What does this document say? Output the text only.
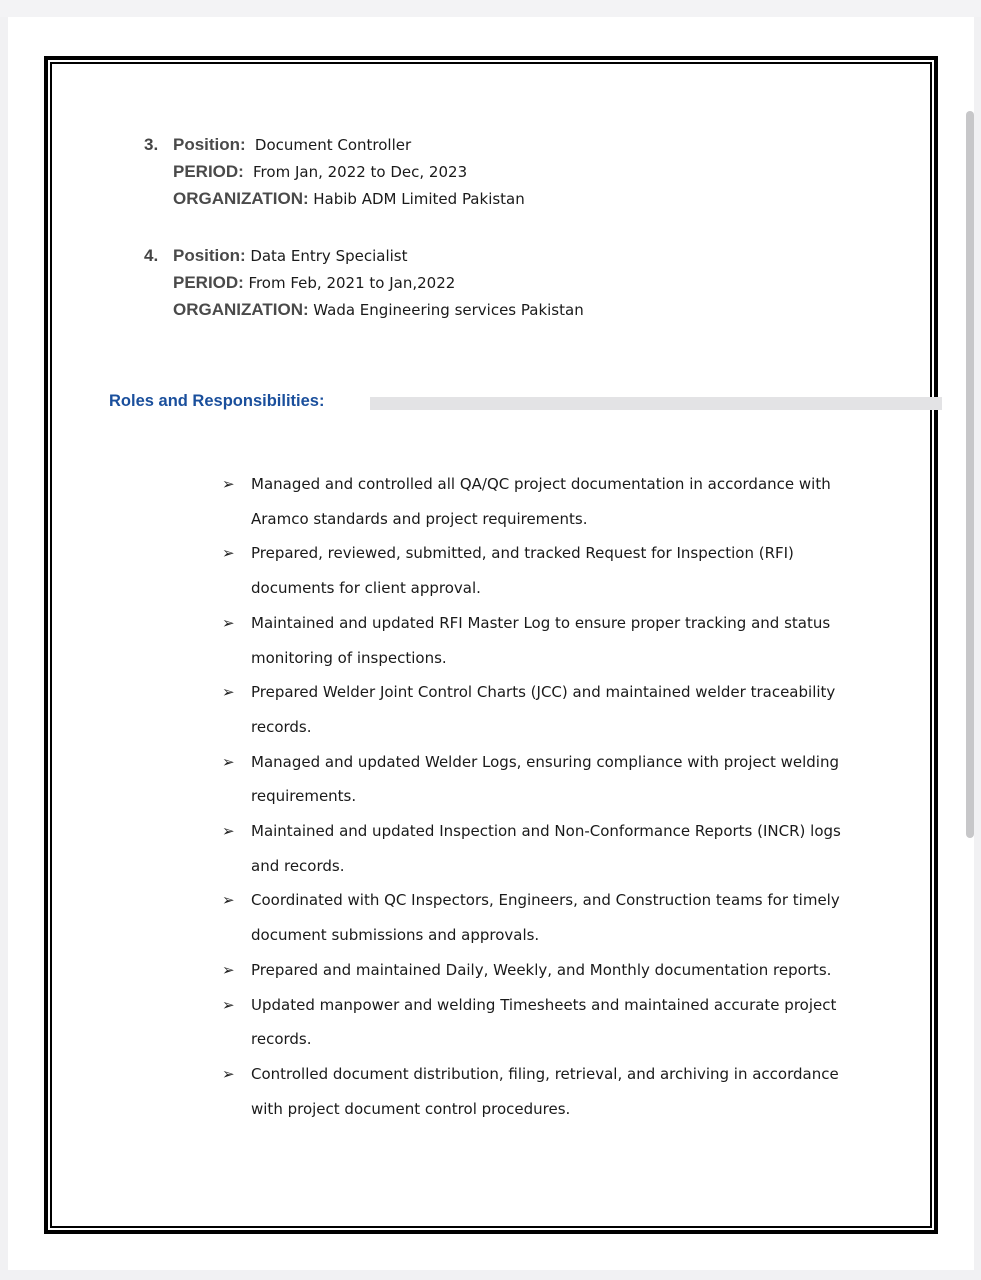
3. Position: Document Controller
PERIOD: From Jan, 2022 to Dec, 2023
ORGANIZATION: Habib ADM Limited Pakistan
4. Position: Data Entry Specialist
PERIOD: From Feb, 2021 to Jan,2022
ORGANIZATION: Wada Engineering services Pakistan
Roles and Responsibilities:
➢ Managed and controlled all QA/QC project documentation in accordance with Aramco standards and project requirements.
➢ Prepared, reviewed, submitted, and tracked Request for Inspection (RFI) documents for client approval.
➢ Maintained and updated RFI Master Log to ensure proper tracking and status monitoring of inspections.
➢ Prepared Welder Joint Control Charts (JCC) and maintained welder traceability records.
➢ Managed and updated Welder Logs, ensuring compliance with project welding requirements.
➢ Maintained and updated Inspection and Non-Conformance Reports (INCR) logs and records.
➢ Coordinated with QC Inspectors, Engineers, and Construction teams for timely document submissions and approvals.
➢ Prepared and maintained Daily, Weekly, and Monthly documentation reports.
➢ Updated manpower and welding Timesheets and maintained accurate project records.
➢ Controlled document distribution, filing, retrieval, and archiving in accordance with project document control procedures.
